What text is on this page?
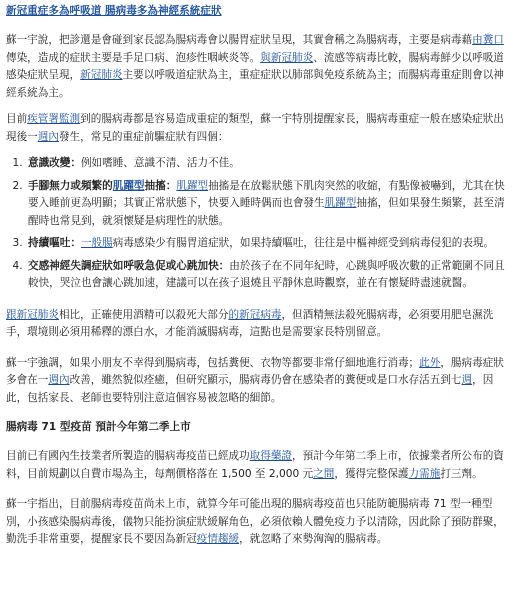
新冠重症多為呼吸道 腸病毒多為神經系統症狀

蘇一宇說，把診還是會碰到家長認為腸病毒會以腸胃症狀呈現，其實會稱之為腸病毒，主要是病毒藉由糞口傳染，造成的症狀主要是手足口病、泡疹性咽峽炎等。與新冠肺炎、流感等病毒比較，腸病毒鮮少以呼吸道感染症狀呈現，新冠肺炎主要以呼吸道症狀為主，重症症狀以肺部與免疫系統為主；而腸病毒重症則會以神經系統為主。

目前疾管署監測到的腸病毒都是容易造成重症的類型，蘇一宇特別提醒家長，腸病毒重症一般在感染症狀出現後一週內發生，常見的重症前驅症狀有四個：

1. 意識改變：例如嗜睡、意識不清、活力不佳。
2. 手腳無力或頻繁的肌躍型抽搐：肌躍型抽搐是在放鬆狀態下肌肉突然的收縮，有點像被嚇到，尤其在快要入睡前更為明顯；其實正常狀態下，快要入睡時偶而也會發生肌躍型抽搐，但如果發生頻繁，甚至清醒時也常見到，就須懷疑是病理性的狀態。
3. 持續嘔吐：一般腸病毒感染少有腸胃道症狀，如果持續嘔吐，往往是中樞神經受到病毒侵犯的表現。
4. 交感神經失調症狀如呼吸急促或心跳加快：由於孩子在不同年紀時，心跳與呼吸次數的正常範圍不同且較快，哭泣也會讓心跳加速，建議可以在孩子退燒且平靜休息時觀察，並在有懷疑時盡速就醫。

跟新冠肺炎相比，正確使用酒精可以殺死大部分的新冠病毒，但酒精無法殺死腸病毒，必須要用肥皂濕洗手，環境則必須用稀釋的漂白水，才能消滅腸病毒，這點也是需要家長特別留意。

蘇一宇強調，如果小朋友不幸得到腸病毒，包括糞便、衣物等都要非常仔細地進行消毒；此外，腸病毒症狀多會在一週內改善，雖然貌似痊癒，但研究顯示，腸病毒仍會在感染者的糞便或是口水存活五到七週，因此，包括家長、老師也要特別注意這個容易被忽略的細節。

腸病毒 71 型疫苗 預計今年第二季上市

目前已有國內生技業者所製造的腸病毒疫苗已經成功取得藥證，預計今年第二季上市，依據業者所公布的資料，目前規劃以自費市場為主，每劑價格落在 1,500 至 2,000 元之間，獲得完整保護力需施打三劑。

蘇一宇指出，目前腸病毒疫苗尚未上市，就算今年可能出現的腸病毒疫苗也只能防範腸病毒 71 型一種型別，小孩感染腸病毒後，儀物只能扮演症狀緩解角色，必須依賴人體免疫力予以清除，因此除了預防群聚，勤洗手非常重要，提醒家長不要因為新冠疫情趨緩，就忽略了來勢洶洶的腸病毒。
